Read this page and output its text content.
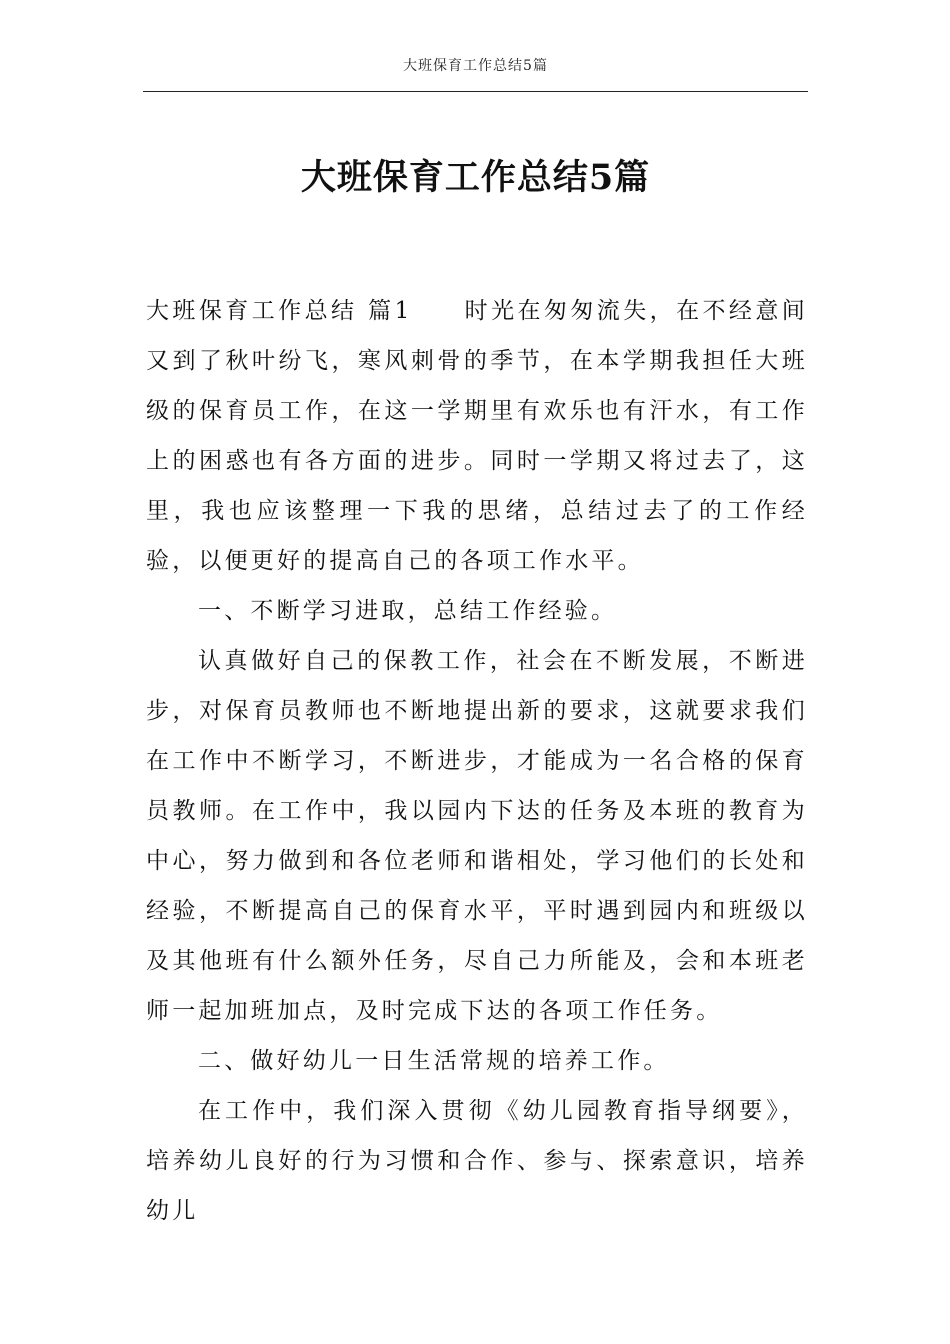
大班保育工作总结5篇
大班保育工作总结5篇

大班保育工作总结 篇1 时光在匆匆流失，在不经意间又到了秋叶纷飞，寒风刺骨的季节，在本学期我担任大班级的保育员工作，在这一学期里有欢乐也有汗水，有工作上的困惑也有各方面的进步。同时一学期又将过去了，这里，我也应该整理一下我的思绪，总结过去了的工作经验，以便更好的提高自己的各项工作水平。

一、不断学习进取，总结工作经验。

认真做好自己的保教工作，社会在不断发展，不断进步，对保育员教师也不断地提出新的要求，这就要求我们在工作中不断学习，不断进步，才能成为一名合格的保育员教师。在工作中，我以园内下达的任务及本班的教育为中心，努力做到和各位老师和谐相处，学习他们的长处和经验，不断提高自己的保育水平，平时遇到园内和班级以及其他班有什么额外任务，尽自己力所能及，会和本班老师一起加班加点，及时完成下达的各项工作任务。

二、做好幼儿一日生活常规的培养工作。

在工作中，我们深入贯彻《幼儿园教育指导纲要》，培养幼儿良好的行为习惯和合作、参与、探索意识，培养幼儿
